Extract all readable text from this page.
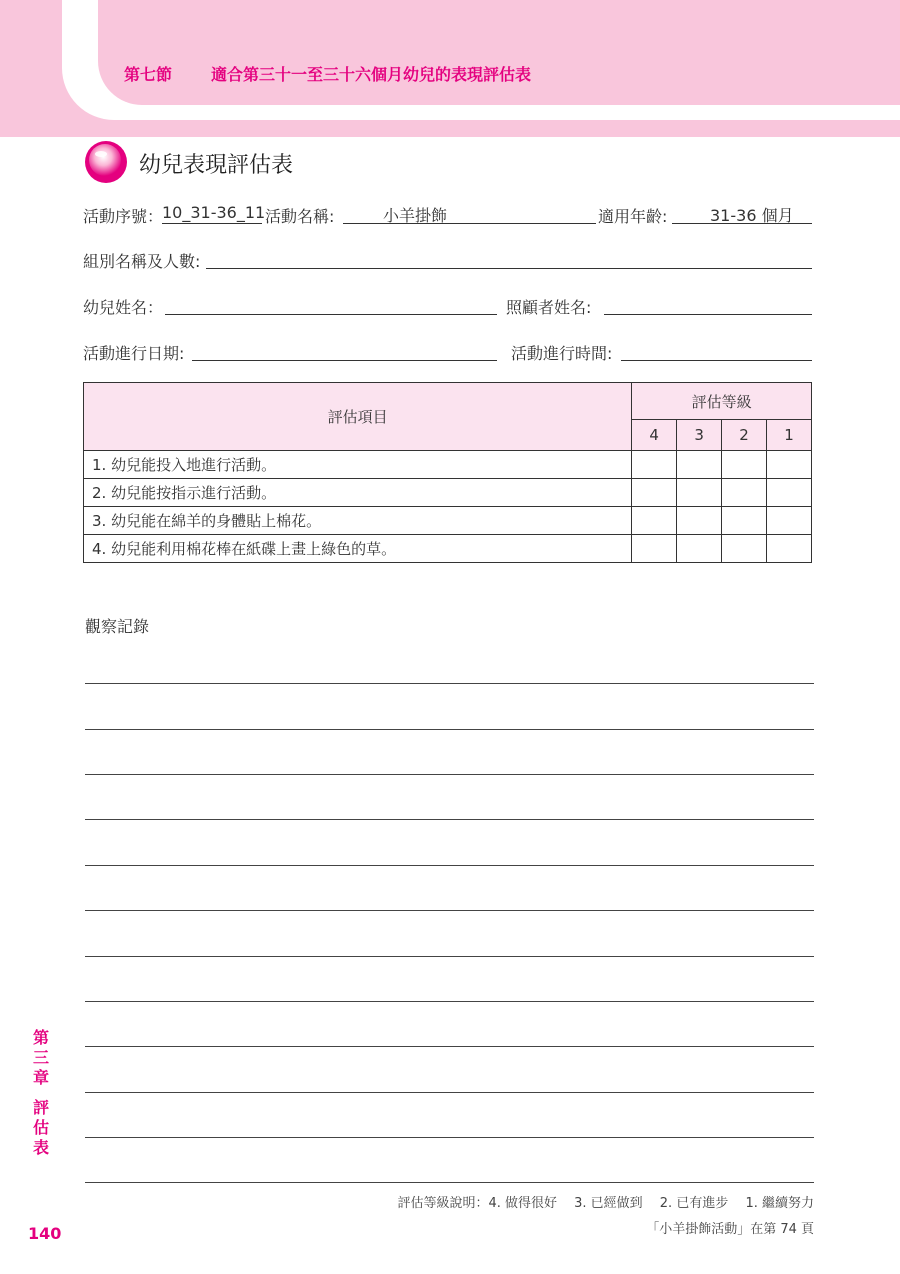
第七節 適合第三十一至三十六個月幼兒的表現評估表
幼兒表現評估表
活動序號：
10_31-36_11 活動名稱:	小羊掛飾	適用年齡:	31-36 個月
組別名稱及人數:
幼兒姓名：	照顧者姓名:
活動進行日期:	活動進行時間:
評估項目	評估等級			
	4	3	2	1
1. 幼兒能投入地進行活動。				
2. 幼兒能按指示進行活動。				
3. 幼兒能在綿羊的身體貼上棉花。				
4. 幼兒能利用棉花棒在紙碟上畫上綠色的草。				
觀察記錄
第
三
章
評
估
表
140
評估等級說明：4. 做得很好　 3. 已經做到　 2. 已有進步　 1. 繼續努力
「小羊掛飾活動」在第 74 頁
